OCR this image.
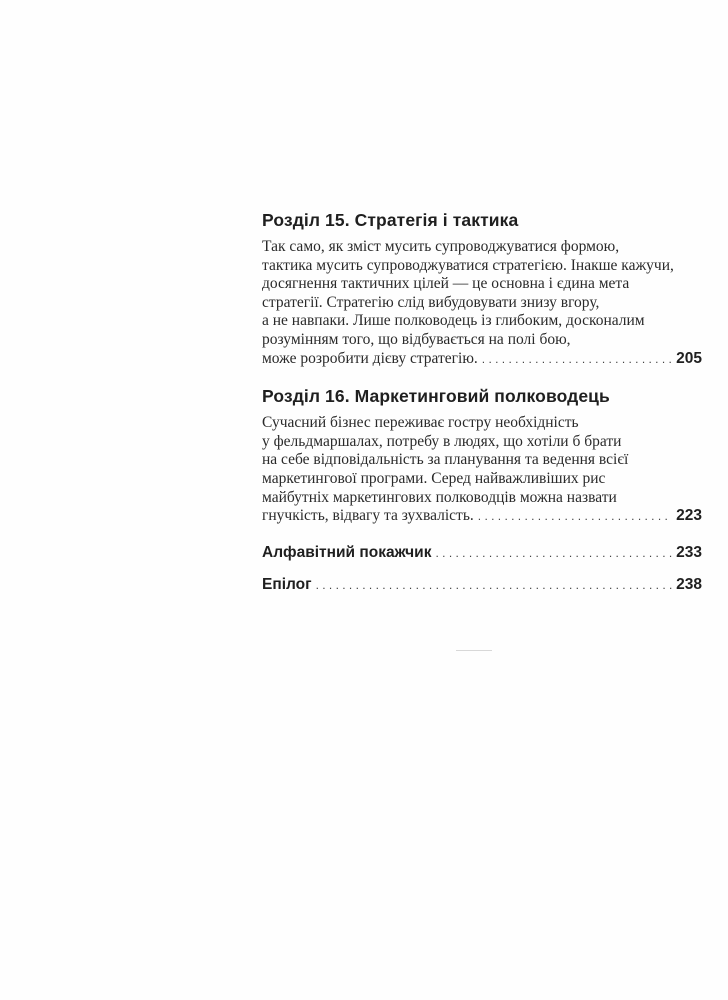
Розділ 15. Стратегія і тактика
Так само, як зміст мусить супроводжуватися формою,
тактика мусить супроводжуватися стратегією. Інакше кажучи,
досягнення тактичних цілей — це основна і єдина мета
стратегії. Стратегію слід вибудовувати знизу вгору,
а не навпаки. Лише полководець із глибоким, досконалим
розумінням того, що відбувається на полі бою,
може розробити дієву стратегію. . . .	205
Розділ 16. Маркетинговий полководець
Сучасний бізнес переживає гостру необхідність
у фельдмаршалах, потребу в людях, що хотіли б брати
на себе відповідальність за планування та ведення всієї
маркетингової програми. Серед найважливіших рис
майбутніх маркетингових полководців можна назвати
гнучкість, відвагу та зухвалість. . . .	223
Алфавітний покажчик . . .	233
Епілог . . .	238
